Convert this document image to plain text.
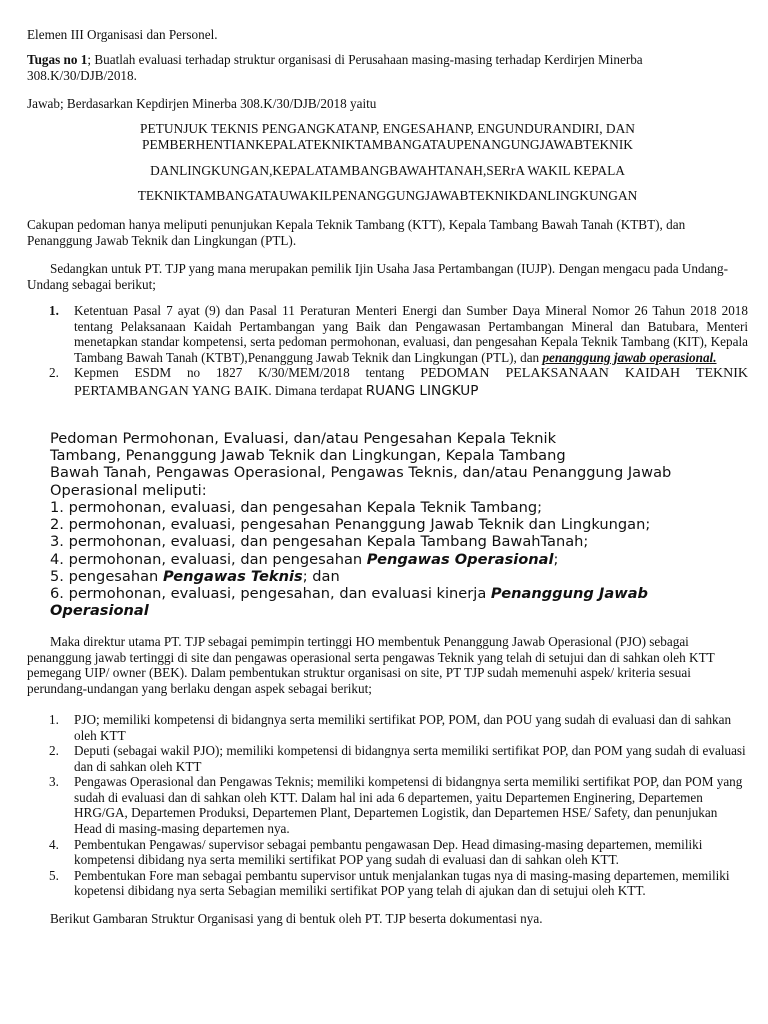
Elemen III Organisasi dan Personel.

Tugas no 1; Buatlah evaluasi terhadap struktur organisasi di Perusahaan masing-masing terhadap Kerdirjen Minerba 308.K/30/DJB/2018.

Jawab; Berdasarkan Kepdirjen Minerba 308.K/30/DJB/2018 yaitu

PETUNJUK TEKNIS PENGANGKATANP, ENGESAHANP, ENGUNDURANDIRI, DAN

PEMBERHENTIANKEPALATEKNIKTAMBANGATAUPENANGUNGJAWABTEKNIK

DANLINGKUNGAN,KEPALATAMBANGBAWAHTANAH,SERrA WAKIL KEPALA

TEKNIKTAMBANGATAUWAKILPENANGGUNGJAWABTEKNIKDANLINGKUNGAN

Cakupan pedoman hanya meliputi penunjukan Kepala Teknik Tambang (KTT), Kepala Tambang Bawah Tanah (KTBT), dan Penanggung Jawab Teknik dan Lingkungan (PTL).

Sedangkan untuk PT. TJP yang mana merupakan pemilik Ijin Usaha Jasa Pertambangan (IUJP). Dengan mengacu pada Undang-Undang sebagai berikut;

1. Ketentuan Pasal 7 ayat (9) dan Pasal 11 Peraturan Menteri Energi dan Sumber Daya Mineral Nomor 26 Tahun 2018 2018 tentang Pelaksanaan Kaidah Pertambangan yang Baik dan Pengawasan Pertambangan Mineral dan Batubara, Menteri menetapkan standar kompetensi, serta pedoman permohonan, evaluasi, dan pengesahan Kepala Teknik Tambang (KIT), Kepala Tambang Bawah Tanah (KTBT),Penanggung Jawab Teknik dan Lingkungan (PTL), dan penanggung jawab operasional.
2. Kepmen ESDM no 1827 K/30/MEM/2018 tentang PEDOMAN PELAKSANAAN KAIDAH TEKNIK PERTAMBANGAN YANG BAIK. Dimana terdapat RUANG LINGKUP

Pedoman Permohonan, Evaluasi, dan/atau Pengesahan Kepala Teknik

Tambang, Penanggung Jawab Teknik dan Lingkungan, Kepala Tambang

Bawah Tanah, Pengawas Operasional, Pengawas Teknis, dan/atau Penanggung Jawab

Operasional meliputi:

1. permohonan, evaluasi, dan pengesahan Kepala Teknik Tambang;

2. permohonan, evaluasi, pengesahan Penanggung Jawab Teknik dan Lingkungan;

3. permohonan, evaluasi, dan pengesahan Kepala Tambang BawahTanah;

4. permohonan, evaluasi, dan pengesahan Pengawas Operasional;

5. pengesahan Pengawas Teknis; dan

6. permohonan, evaluasi, pengesahan, dan evaluasi kinerja Penanggung Jawab Operasional

Maka direktur utama PT. TJP sebagai pemimpin tertinggi HO membentuk Penanggung Jawab Operasional (PJO) sebagai penanggung jawab tertinggi di site dan pengawas operasional serta pengawas Teknik yang telah di setujui dan di sahkan oleh KTT pemegang UIP/ owner (BEK). Dalam pembentukan struktur organisasi on site, PT TJP sudah memenuhi aspek/ kriteria sesuai perundang-undangan yang berlaku dengan aspek sebagai berikut;

1. PJO; memiliki kompetensi di bidangnya serta memiliki sertifikat POP, POM, dan POU yang sudah di evaluasi dan di sahkan oleh KTT
2. Deputi (sebagai wakil PJO); memiliki kompetensi di bidangnya serta memiliki sertifikat POP, dan POM yang sudah di evaluasi dan di sahkan oleh KTT
3. Pengawas Operasional dan Pengawas Teknis; memiliki kompetensi di bidangnya serta memiliki sertifikat POP, dan POM yang sudah di evaluasi dan di sahkan oleh KTT. Dalam hal ini ada 6 departemen, yaitu Departemen Enginering, Departemen HRG/GA, Departemen Produksi, Departemen Plant, Departemen Logistik, dan Departemen HSE/ Safety, dan penunjukan Head di masing-masing departemen nya.
4. Pembentukan Pengawas/ supervisor sebagai pembantu pengawasan Dep. Head dimasing-masing departemen, memiliki kompetensi dibidang nya serta memiliki sertifikat POP yang sudah di evaluasi dan di sahkan oleh KTT.
5. Pembentukan Fore man sebagai pembantu supervisor untuk menjalankan tugas nya di masing-masing departemen, memiliki kopetensi dibidang nya serta Sebagian memiliki sertifikat POP yang telah di ajukan dan di setujui oleh KTT.

Berikut Gambaran Struktur Organisasi yang di bentuk oleh PT. TJP beserta dokumentasi nya.
